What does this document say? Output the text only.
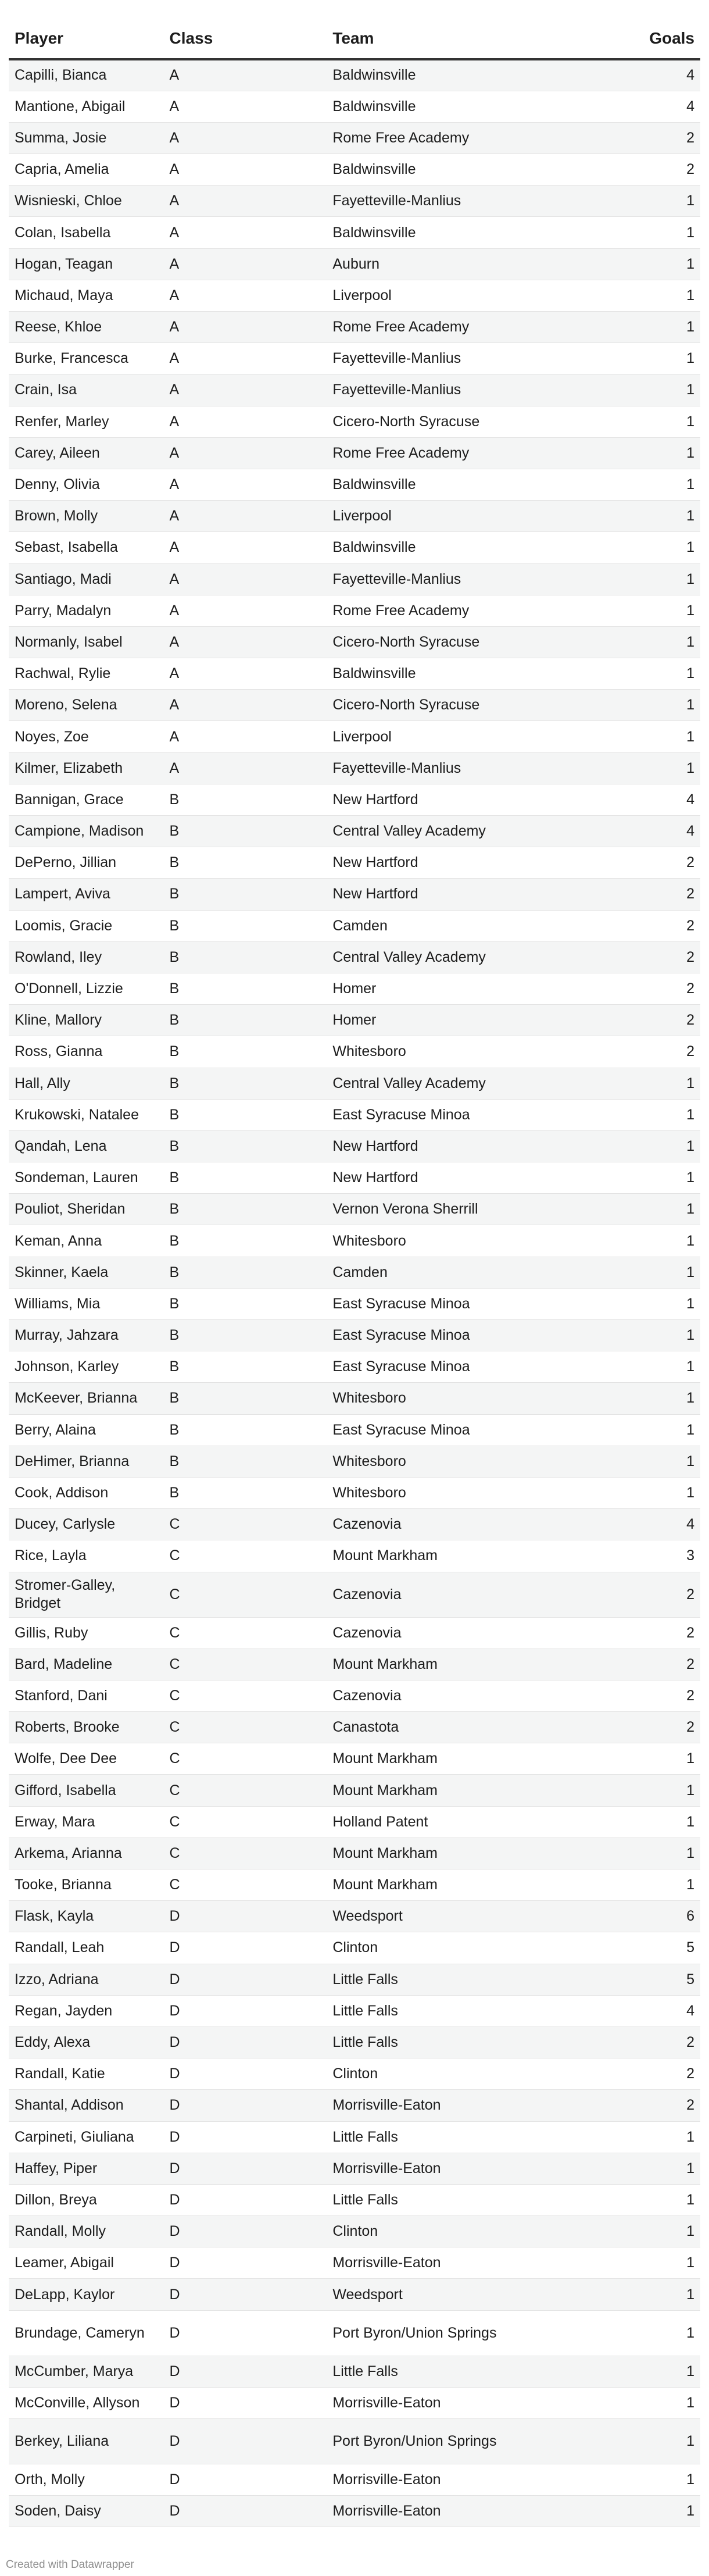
Player	Class	Team	Goals
Capilli, Bianca	A	Baldwinsville	4
Mantione, Abigail	A	Baldwinsville	4
Summa, Josie	A	Rome Free Academy	2
Capria, Amelia	A	Baldwinsville	2
Wisnieski, Chloe	A	Fayetteville-Manlius	1
Colan, Isabella	A	Baldwinsville	1
Hogan, Teagan	A	Auburn	1
Michaud, Maya	A	Liverpool	1
Reese, Khloe	A	Rome Free Academy	1
Burke, Francesca	A	Fayetteville-Manlius	1
Crain, Isa	A	Fayetteville-Manlius	1
Renfer, Marley	A	Cicero-North Syracuse	1
Carey, Aileen	A	Rome Free Academy	1
Denny, Olivia	A	Baldwinsville	1
Brown, Molly	A	Liverpool	1
Sebast, Isabella	A	Baldwinsville	1
Santiago, Madi	A	Fayetteville-Manlius	1
Parry, Madalyn	A	Rome Free Academy	1
Normanly, Isabel	A	Cicero-North Syracuse	1
Rachwal, Rylie	A	Baldwinsville	1
Moreno, Selena	A	Cicero-North Syracuse	1
Noyes, Zoe	A	Liverpool	1
Kilmer, Elizabeth	A	Fayetteville-Manlius	1
Bannigan, Grace	B	New Hartford	4
Campione, Madison	B	Central Valley Academy	4
DePerno, Jillian	B	New Hartford	2
Lampert, Aviva	B	New Hartford	2
Loomis, Gracie	B	Camden	2
Rowland, Iley	B	Central Valley Academy	2
O'Donnell, Lizzie	B	Homer	2
Kline, Mallory	B	Homer	2
Ross, Gianna	B	Whitesboro	2
Hall, Ally	B	Central Valley Academy	1
Krukowski, Natalee	B	East Syracuse Minoa	1
Qandah, Lena	B	New Hartford	1
Sondeman, Lauren	B	New Hartford	1
Pouliot, Sheridan	B	Vernon Verona Sherrill	1
Keman, Anna	B	Whitesboro	1
Skinner, Kaela	B	Camden	1
Williams, Mia	B	East Syracuse Minoa	1
Murray, Jahzara	B	East Syracuse Minoa	1
Johnson, Karley	B	East Syracuse Minoa	1
McKeever, Brianna	B	Whitesboro	1
Berry, Alaina	B	East Syracuse Minoa	1
DeHimer, Brianna	B	Whitesboro	1
Cook, Addison	B	Whitesboro	1
Ducey, Carlysle	C	Cazenovia	4
Rice, Layla	C	Mount Markham	3
Stromer-Galley, Bridget	C	Cazenovia	2
Gillis, Ruby	C	Cazenovia	2
Bard, Madeline	C	Mount Markham	2
Stanford, Dani	C	Cazenovia	2
Roberts, Brooke	C	Canastota	2
Wolfe, Dee Dee	C	Mount Markham	1
Gifford, Isabella	C	Mount Markham	1
Erway, Mara	C	Holland Patent	1
Arkema, Arianna	C	Mount Markham	1
Tooke, Brianna	C	Mount Markham	1
Flask, Kayla	D	Weedsport	6
Randall, Leah	D	Clinton	5
Izzo, Adriana	D	Little Falls	5
Regan, Jayden	D	Little Falls	4
Eddy, Alexa	D	Little Falls	2
Randall, Katie	D	Clinton	2
Shantal, Addison	D	Morrisville-Eaton	2
Carpineti, Giuliana	D	Little Falls	1
Haffey, Piper	D	Morrisville-Eaton	1
Dillon, Breya	D	Little Falls	1
Randall, Molly	D	Clinton	1
Leamer, Abigail	D	Morrisville-Eaton	1
DeLapp, Kaylor	D	Weedsport	1
Brundage, Cameryn	D	Port Byron/Union Springs	1
McCumber, Marya	D	Little Falls	1
McConville, Allyson	D	Morrisville-Eaton	1
Berkey, Liliana	D	Port Byron/Union Springs	1
Orth, Molly	D	Morrisville-Eaton	1
Soden, Daisy	D	Morrisville-Eaton	1
Created with Datawrapper
